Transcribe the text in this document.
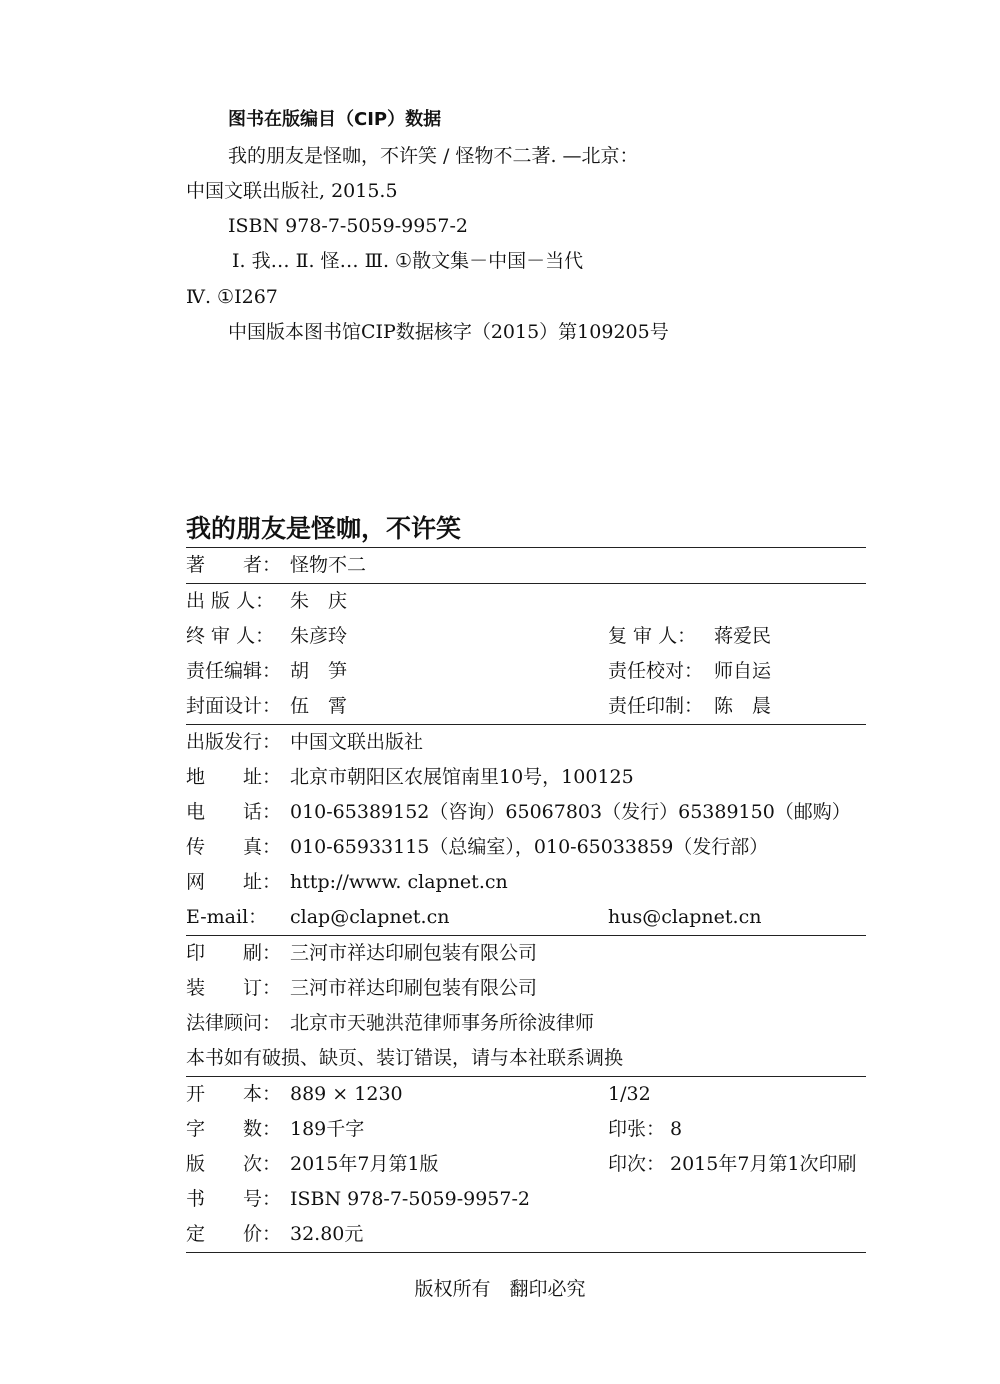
图书在版编目（CIP）数据
我的朋友是怪咖，不许笑 / 怪物不二著. —北京：
中国文联出版社, 2015.5
ISBN 978-7-5059-9957-2
Ⅰ. 我… Ⅱ. 怪… Ⅲ. ①散文集－中国－当代
Ⅳ. ①I267
中国版本图书馆CIP数据核字（2015）第109205号
我的朋友是怪咖，不许笑
著　　者： 怪物不二
出 版 人： 朱　庆
终 审 人： 朱彦玲	复 审 人： 蒋爱民
责任编辑： 胡　笋	责任校对： 师自运
封面设计： 伍　霄	责任印制： 陈　晨
出版发行： 中国文联出版社
地　　址： 北京市朝阳区农展馆南里10号，100125
电　　话： 010-65389152（咨询）65067803（发行）65389150（邮购）
传　　真： 010-65933115（总编室），010-65033859（发行部）
网　　址： http://www. clapnet.cn
E-mail： clap@clapnet.cn	hus@clapnet.cn
印　　刷： 三河市祥达印刷包装有限公司
装　　订： 三河市祥达印刷包装有限公司
法律顾问： 北京市天驰洪范律师事务所徐波律师
本书如有破损、缺页、装订错误，请与本社联系调换
开　　本： 889 × 1230	1/32
字　　数： 189千字	印张： 8
版　　次： 2015年7月第1版	印次： 2015年7月第1次印刷
书　　号： ISBN 978-7-5059-9957-2
定　　价： 32.80元
版权所有　翻印必究
